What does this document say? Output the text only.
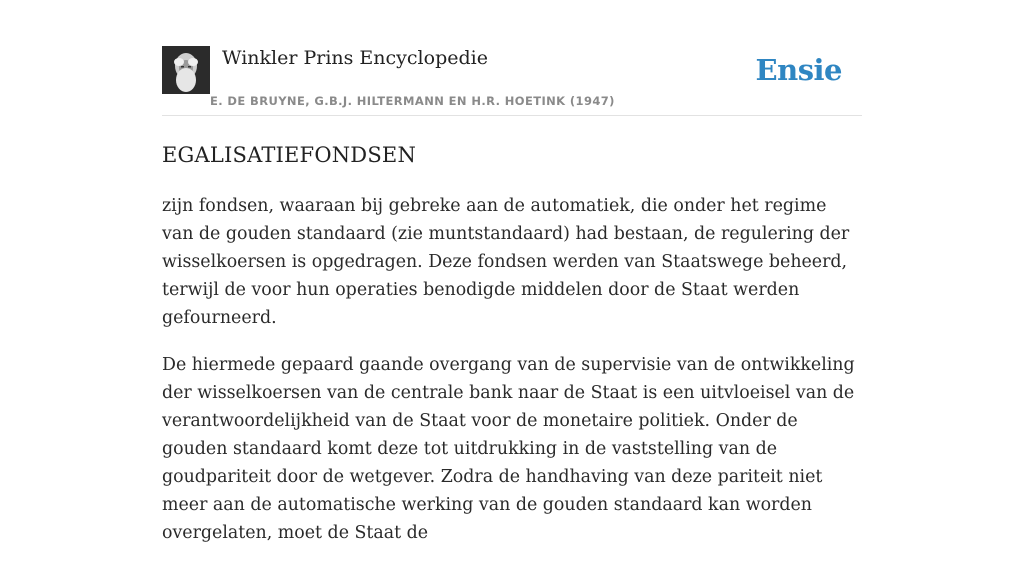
Winkler Prins Encyclopedie
E. DE BRUYNE, G.B.J. HILTERMANN EN H.R. HOETINK (1947)
Ensie
EGALISATIEFONDSEN

zijn fondsen, waaraan bij gebreke aan de automatiek, die onder het regime van de gouden standaard (zie muntstandaard) had bestaan, de regulering der wisselkoersen is opgedragen. Deze fondsen werden van Staatswege beheerd, terwijl de voor hun operaties benodigde middelen door de Staat werden gefourneerd.

De hiermede gepaard gaande overgang van de supervisie van de ontwikkeling der wisselkoersen van de centrale bank naar de Staat is een uitvloeisel van de verantwoordelijkheid van de Staat voor de monetaire politiek. Onder de gouden standaard komt deze tot uitdrukking in de vaststelling van de goudpariteit door de wetgever. Zodra de handhaving van deze pariteit niet meer aan de automatische werking van de gouden standaard kan worden overgelaten, moet de Staat de
